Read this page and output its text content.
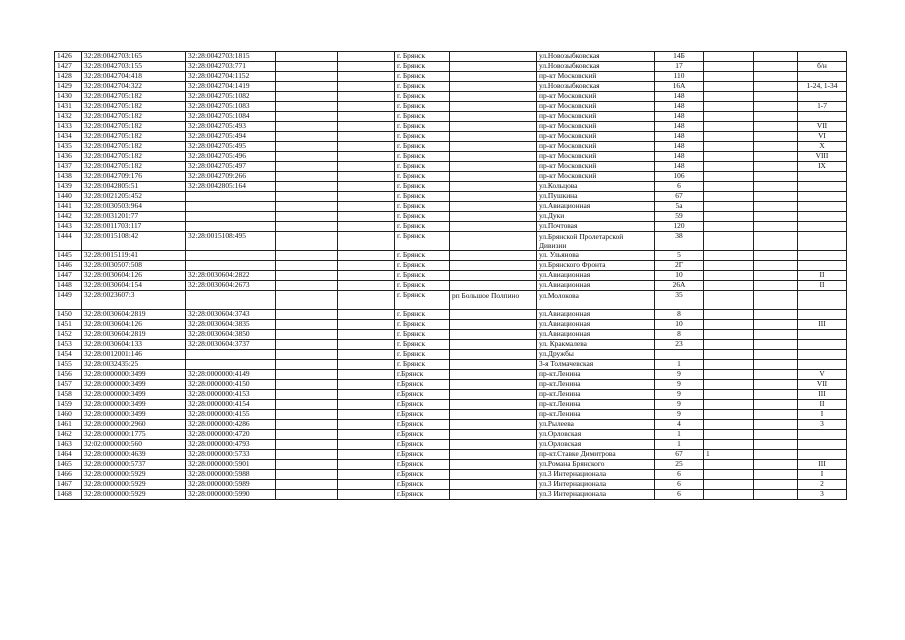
1426	32:28:0042703:165	32:28:0042703:1815			г. Брянск		ул.Новозыбковская	14Б			
1427	32:28:0042703:155	32:28:0042703:771			г. Брянск		ул.Новозыбковская	17			б/н
1428	32:28:0042704:418	32:28:0042704:1152			г. Брянск		пр-кт Московский	110			
1429	32:28:0042704:322	32:28:0042704:1419			г. Брянск		ул.Новозыбковская	16А			1-24, 1-34
1430	32:28:0042705:182	32:28:0042705:1082			г. Брянск		пр-кт Московский	148			
1431	32:28:0042705:182	32:28:0042705:1083			г. Брянск		пр-кт Московский	148			1-7
1432	32:28:0042705:182	32:28:0042705:1084			г. Брянск		пр-кт Московский	148			
1433	32:28:0042705:182	32:28:0042705:493			г. Брянск		пр-кт Московский	148			VII
1434	32:28:0042705:182	32:28:0042705:494			г. Брянск		пр-кт Московский	148			VI
1435	32:28:0042705:182	32:28:0042705:495			г. Брянск		пр-кт Московский	148			X
1436	32:28:0042705:182	32:28:0042705:496			г. Брянск		пр-кт Московский	148			VIII
1437	32:28:0042705:182	32:28:0042705:497			г. Брянск		пр-кт Московский	148			IX
1438	32:28:0042709:176	32:28:0042709:266			г. Брянск		пр-кт Московский	106			
1439	32:28:0042805:51	32:28:0042805:164			г. Брянск		ул.Кольцова	6			
1440	32:28:0021205:452				г. Брянск		ул.Пушкина	67			
1441	32:28:0030503:964				г. Брянск		ул.Авиационная	5а			
1442	32:28:0031201:77				г. Брянск		ул.Дуки	59			
1443	32:28:0011703:117				г. Брянск		ул.Почтовая	120			
1444	32:28:0015108:42	32:28:0015108:495			г. Брянск		ул.Брянской Пролетарской Дивизии	38			
1445	32:28:0015119:41				г. Брянск		ул. Ульянова	5			
1446	32:28:0030507:508				г. Брянск		ул.Брянского Фронта	2Г			
1447	32:28:0030604:126	32:28:0030604:2822			г. Брянск		ул.Авиационная	10			II
1448	32:28:0030604:154	32:28:0030604:2673			г. Брянск		ул.Авиационная	26А			II
1449	32:28:0023607:3				г. Брянск	рп Большое Полпино	ул.Молокова	35			
1450	32:28:0030604:2819	32:28:0030604:3743			г. Брянск		ул.Авиационная	8			
1451	32:28:0030604:126	32:28:0030604:3835			г. Брянск		ул.Авиационная	10			III
1452	32:28:0030604:2819	32:28:0030604:3850			г. Брянск		ул.Авиационная	8			
1453	32:28:0030604:133	32:28:0030604:3737			г. Брянск		ул. Кракмалева	23			
1454	32:28:0012001:146				г. Брянск		ул.Дружбы				
1455	32:28:0032435:25				г. Брянск		3-я Толмачевская	1			
1456	32:28:0000000:3499	32:28:0000000:4149			г.Брянск		пр-кт.Ленина	9			V
1457	32:28:0000000:3499	32:28:0000000:4150			г.Брянск		пр-кт.Ленина	9			VII
1458	32:28:0000000:3499	32:28:0000000:4153			г.Брянск		пр-кт.Ленина	9			III
1459	32:28:0000000:3499	32:28:0000000:4154			г.Брянск		пр-кт.Ленина	9			II
1460	32:28:0000000:3499	32:28:0000000:4155			г.Брянск		пр-кт.Ленина	9			I
1461	32:28:0000000:2960	32:28:0000000:4286			г.Брянск		ул.Рылеева	4			3
1462	32:28:0000000:1775	32:28:0000000:4720			г.Брянск		ул.Орловская	1			
1463	32:02:0000000:560	32:28:0000000:4793			г.Брянск		ул.Орловская	1			
1464	32:28:0000000:4639	32:28:0000000:5733			г.Брянск		пр-кт.Ставке Димитрова	67	1		
1465	32:28:0000000:5737	32:28:0000000:5901			г.Брянск		ул.Романа Брянского	25			III
1466	32:28:0000000:5929	32:28:0000000:5988			г.Брянск		ул.3 Интернационала	6			I
1467	32:28:0000000:5929	32:28:0000000:5989			г.Брянск		ул.3 Интернационала	6			2
1468	32:28:0000000:5929	32:28:0000000:5990			г.Брянск		ул.3 Интернационала	6			3
